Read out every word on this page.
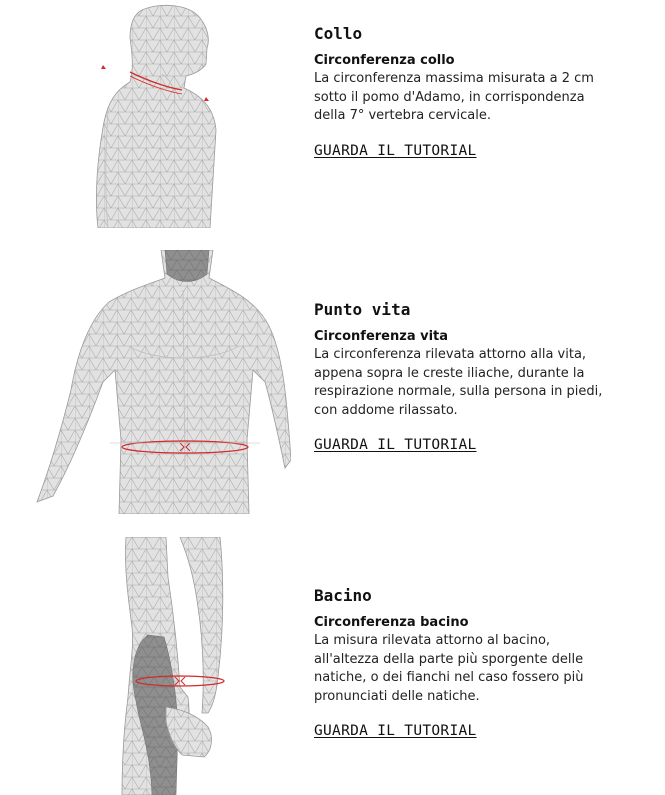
Collo

Circonferenza collo

La circonferenza massima misurata a 2 cm sotto il pomo d'Adamo, in corrispondenza della 7° vertebra cervicale.

GUARDA IL TUTORIAL
Punto vita

Circonferenza vita

La circonferenza rilevata attorno alla vita, appena sopra le creste iliache, durante la respirazione normale, sulla persona in piedi, con addome rilassato.

GUARDA IL TUTORIAL
Bacino

Circonferenza bacino

La misura rilevata attorno al bacino, all'altezza della parte più sporgente delle natiche, o dei fianchi nel caso fossero più pronunciati delle natiche.

GUARDA IL TUTORIAL
